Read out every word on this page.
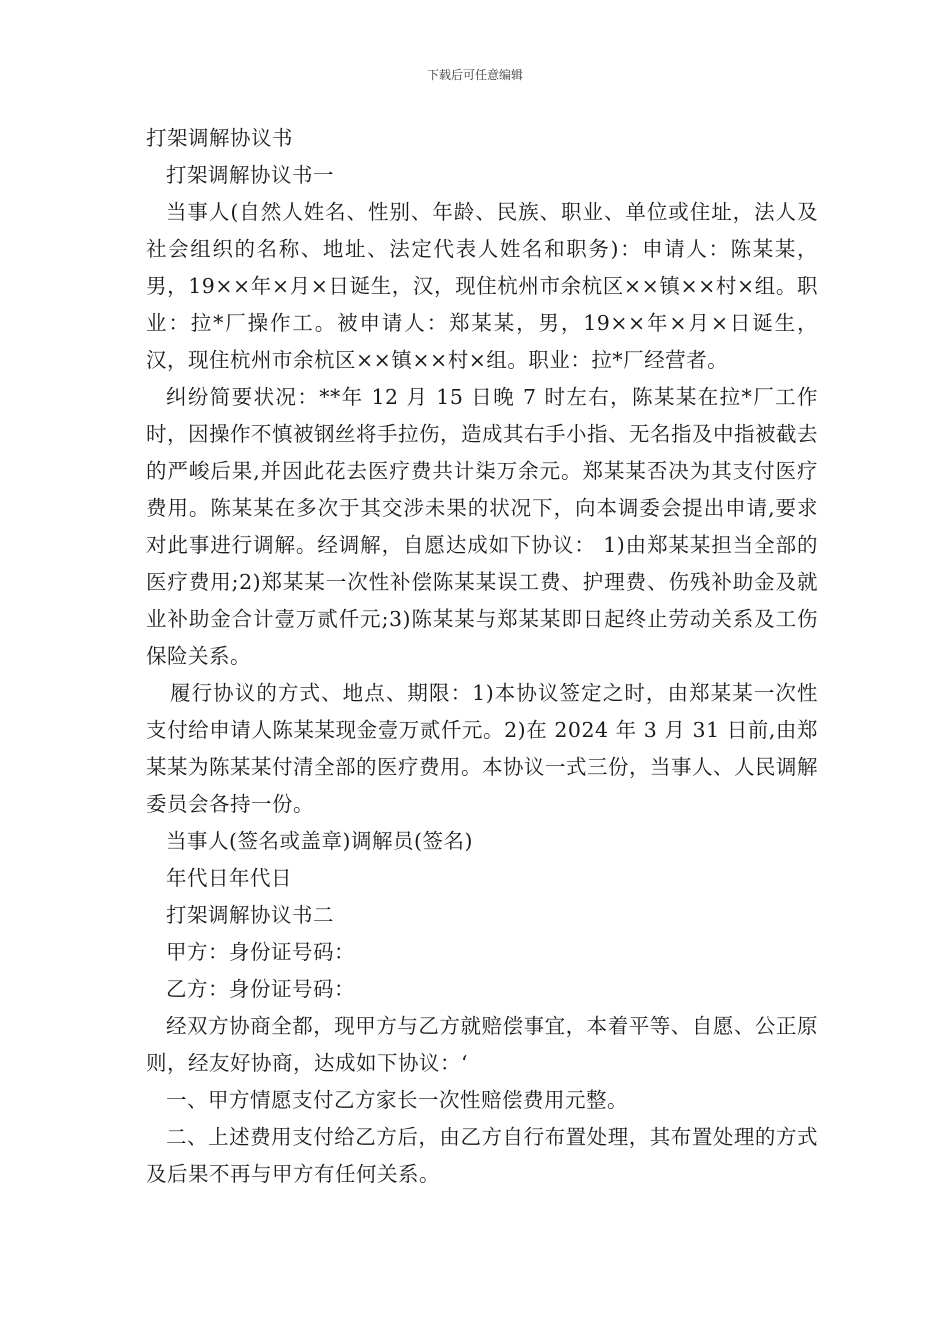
下载后可任意编辑

打架调解协议书

打架调解协议书一

当事人(自然人姓名、性别、年龄、民族、职业、单位或住址，法人及社会组织的名称、地址、法定代表人姓名和职务)：申请人：陈某某，男，19××年×月×日诞生，汉，现住杭州市余杭区××镇××村×组。职业：拉*厂操作工。被申请人：郑某某，男，19××年×月×日诞生，汉，现住杭州市余杭区××镇××村×组。职业：拉*厂经营者。

纠纷简要状况：**年 12 月 15 日晚 7 时左右，陈某某在拉*厂工作时，因操作不慎被钢丝将手拉伤，造成其右手小指、无名指及中指被截去的严峻后果,并因此花去医疗费共计柒万余元。郑某某否决为其支付医疗费用。陈某某在多次于其交涉未果的状况下，向本调委会提出申请,要求对此事进行调解。经调解，自愿达成如下协议： 1)由郑某某担当全部的医疗费用;2)郑某某一次性补偿陈某某误工费、护理费、伤残补助金及就业补助金合计壹万贰仟元;3)陈某某与郑某某即日起终止劳动关系及工伤保险关系。

履行协议的方式、地点、期限：1)本协议签定之时，由郑某某一次性支付给申请人陈某某现金壹万贰仟元。2)在 2024 年 3 月 31 日前,由郑某某为陈某某付清全部的医疗费用。本协议一式三份，当事人、人民调解委员会各持一份。

当事人(签名或盖章)调解员(签名)

年代日年代日

打架调解协议书二

甲方：身份证号码：

乙方：身份证号码：

经双方协商全都，现甲方与乙方就赔偿事宜，本着平等、自愿、公正原则，经友好协商，达成如下协议：‘

一、甲方情愿支付乙方家长一次性赔偿费用元整。

二、上述费用支付给乙方后，由乙方自行布置处理，其布置处理的方式及后果不再与甲方有任何关系。
